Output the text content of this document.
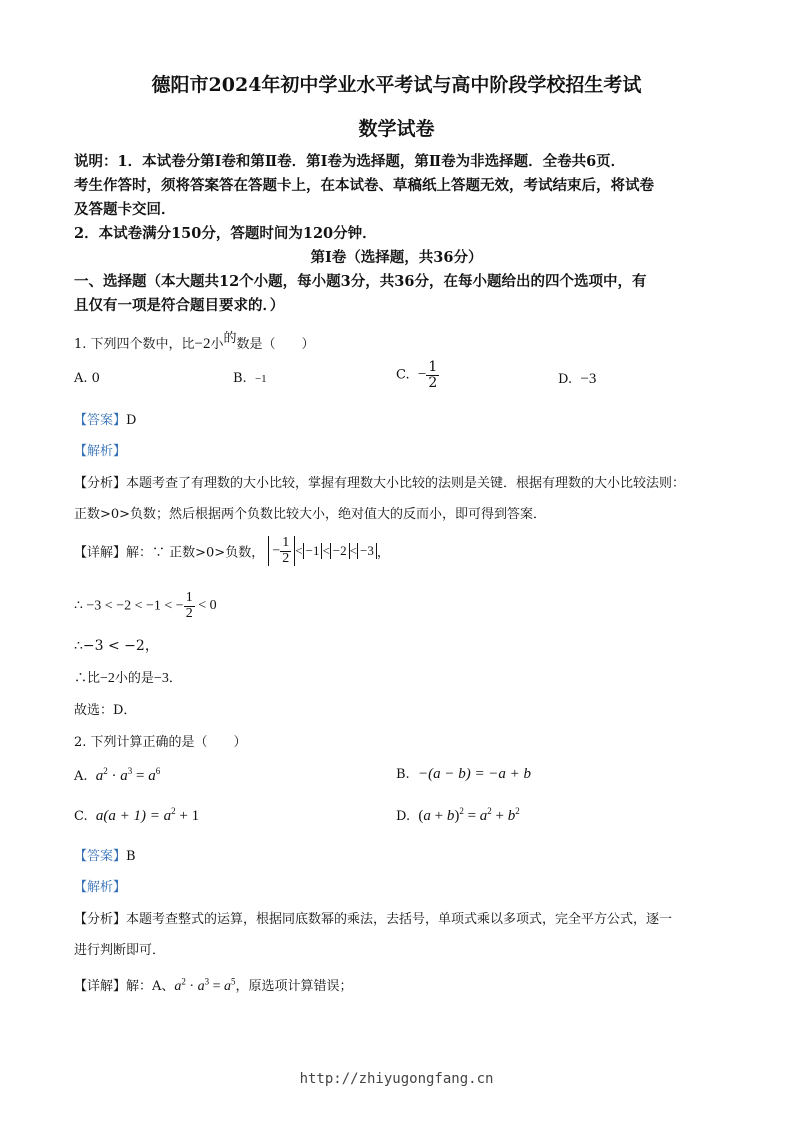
德阳市2024年初中学业水平考试与高中阶段学校招生考试
数学试卷
说明：1．本试卷分第Ⅰ卷和第Ⅱ卷．第Ⅰ卷为选择题，第Ⅱ卷为非选择题．全卷共6页．
考生作答时，须将答案答在答题卡上，在本试卷、草稿纸上答题无效，考试结束后，将试卷
及答题卡交回．
2．本试卷满分150分，答题时间为120分钟．
第Ⅰ卷（选择题，共36分）
一、选择题（本大题共12个小题，每小题3分，共36分，在每小题给出的四个选项中，有
且仅有一项是符合题目要求的．）
1. 下列四个数中，比−2小的数是（　　）
A. 0	B. −1	C. − $\frac{1}{2}$	D. −3
【答案】D
【解析】
【分析】本题考查了有理数的大小比较，掌握有理数大小比较的法则是关键．根据有理数的大小比较法则：
正数>0>负数；然后根据两个负数比较大小，绝对值大的反而小，即可得到答案．
【详解】解：∵ 正数>0>负数， − $\frac{1}{2} < -1 < -2 < -3$ ，
∴ −3 < −2 < −1 < − $\frac{1}{2} < 0$
∴−3 < −2，
∴比−2小的是−3．
故选：D．
2. 下列计算正确的是（　　）
A. $a^2 \cdot a^3 = a^6$	B. −(a − b) = −a + b
C. $a(a + 1) = a^2 + 1$	D. $(a + b)^2 = a^2 + b^2$
【答案】B
【解析】
【分析】本题考查整式的运算，根据同底数幂的乘法，去括号，单项式乘以多项式，完全平方公式，逐一
进行判断即可．
【详解】解：A、$a^2 \cdot a^3 = a^5$，原选项计算错误；
http://zhiyugongfang.cn
